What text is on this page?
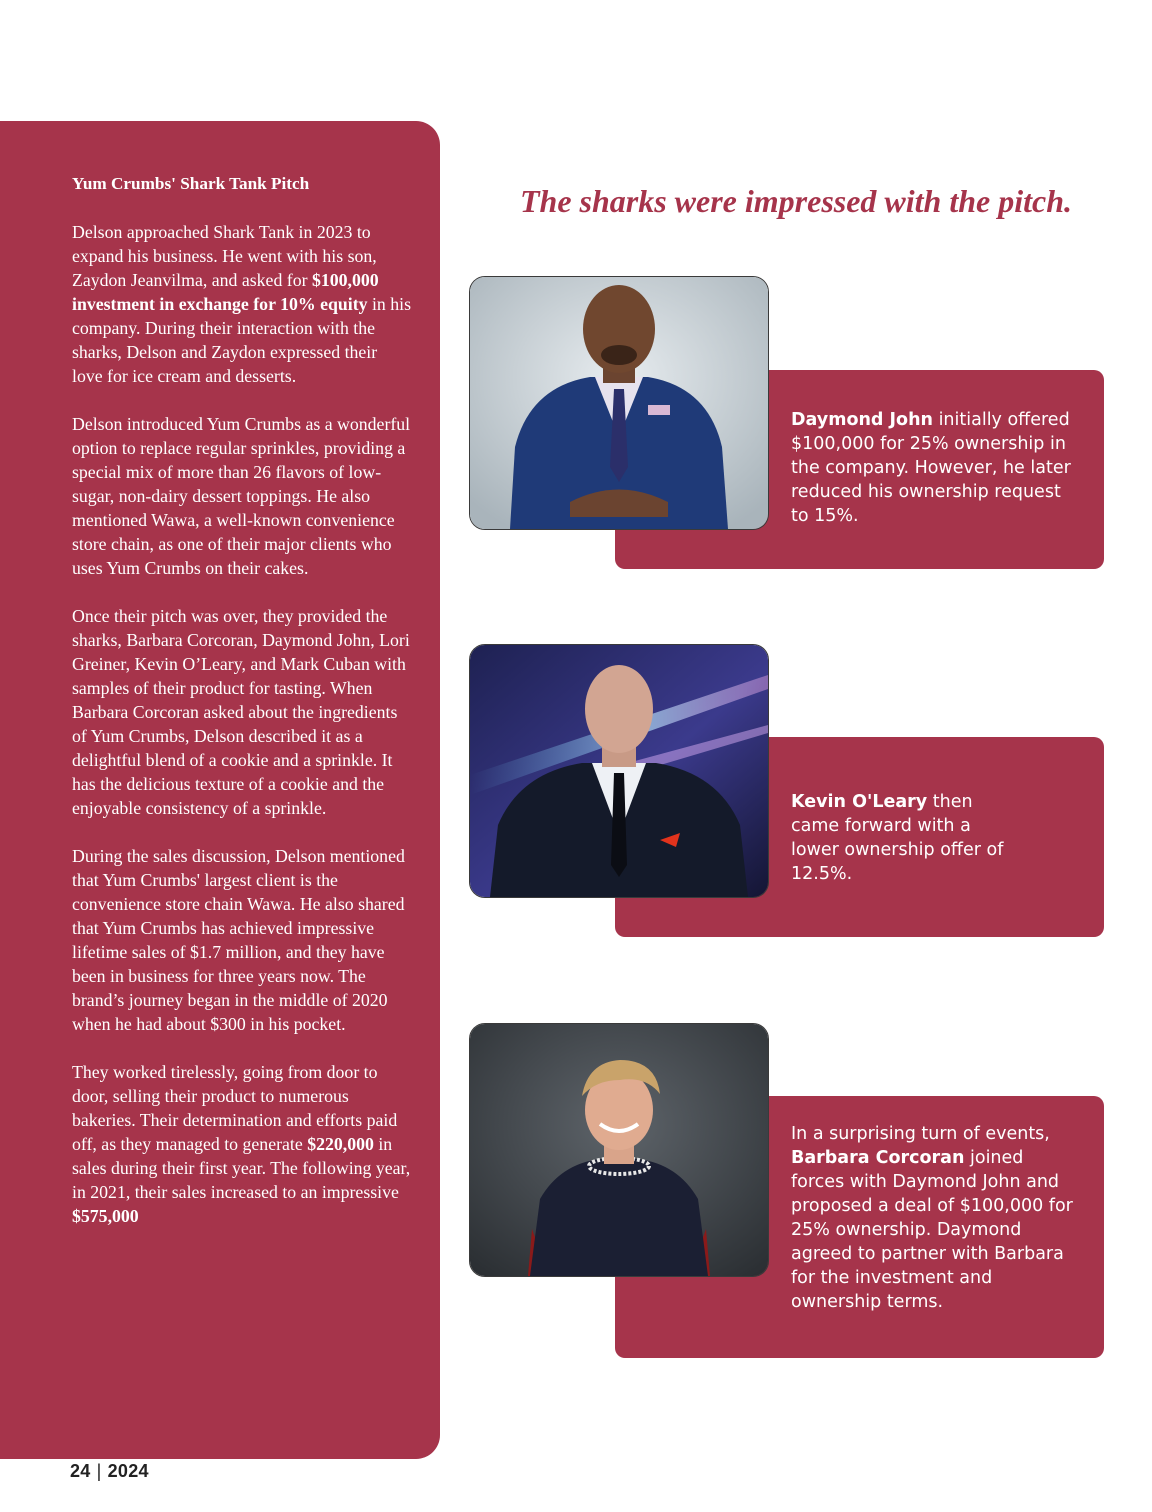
Yum Crumbs' Shark Tank Pitch

Delson approached Shark Tank in 2023 to expand his business. He went with his son, Zaydon Jeanvilma, and asked for $100,000 investment in exchange for 10% equity in his company. During their interaction with the sharks, Delson and Zaydon expressed their love for ice cream and desserts.

Delson introduced Yum Crumbs as a wonderful option to replace regular sprinkles, providing a special mix of more than 26 flavors of low-sugar, non-dairy dessert toppings. He also mentioned Wawa, a well-known convenience store chain, as one of their major clients who uses Yum Crumbs on their cakes.

Once their pitch was over, they provided the sharks, Barbara Corcoran, Daymond John, Lori Greiner, Kevin O’Leary, and Mark Cuban with samples of their product for tasting. When Barbara Corcoran asked about the ingredients of Yum Crumbs, Delson described it as a delightful blend of a cookie and a sprinkle. It has the delicious texture of a cookie and the enjoyable consistency of a sprinkle.

During the sales discussion, Delson mentioned that Yum Crumbs' largest client is the convenience store chain Wawa. He also shared that Yum Crumbs has achieved impressive lifetime sales of $1.7 million, and they have been in business for three years now. The brand’s journey began in the middle of 2020 when he had about $300 in his pocket.

They worked tirelessly, going from door to door, selling their product to numerous bakeries. Their determination and efforts paid off, as they managed to generate $220,000 in sales during their first year. The following year, in 2021, their sales increased to an impressive $575,000

The sharks were impressed with the pitch.
Daymond John initially offered $100,000 for 25% ownership in the company. However, he later reduced his ownership request to 15%.
Kevin O'Leary then came forward with a lower ownership offer of 12.5%.
In a surprising turn of events, Barbara Corcoran joined forces with Daymond John and proposed a deal of $100,000 for 25% ownership. Daymond agreed to partner with Barbara for the investment and ownership terms.
24 | 2024
